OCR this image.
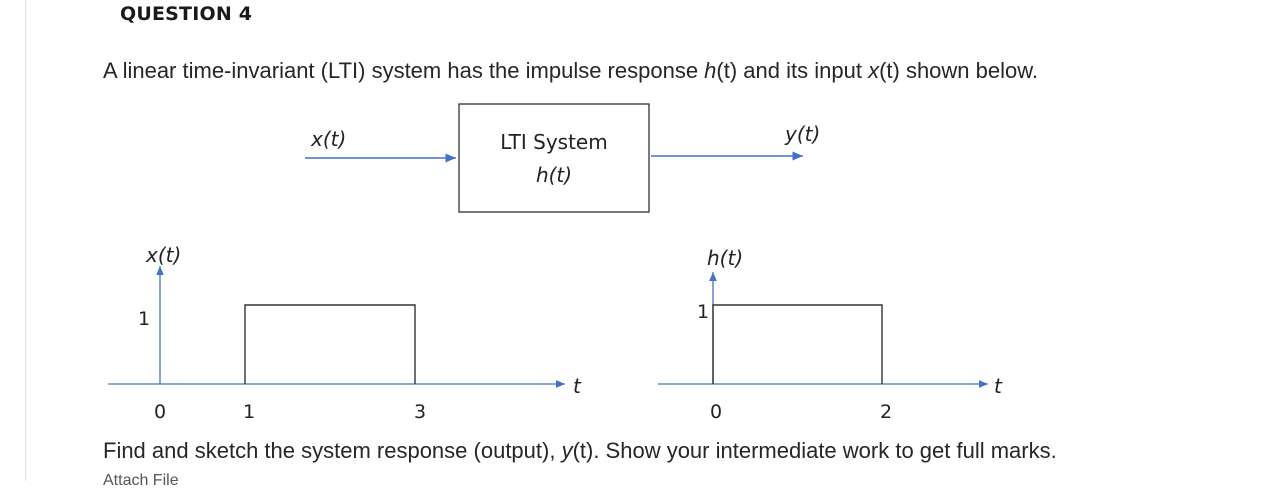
QUESTION 4
A linear time-invariant (LTI) system has the impulse response h(t) and its input x(t) shown below.
x(t)	LTI System
h(t)
y(t)
x(t)
1
t
0	1	3
h(t)
1
t
0	2
Find and sketch the system response (output), y(t). Show your intermediate work to get full marks.
Attach File
